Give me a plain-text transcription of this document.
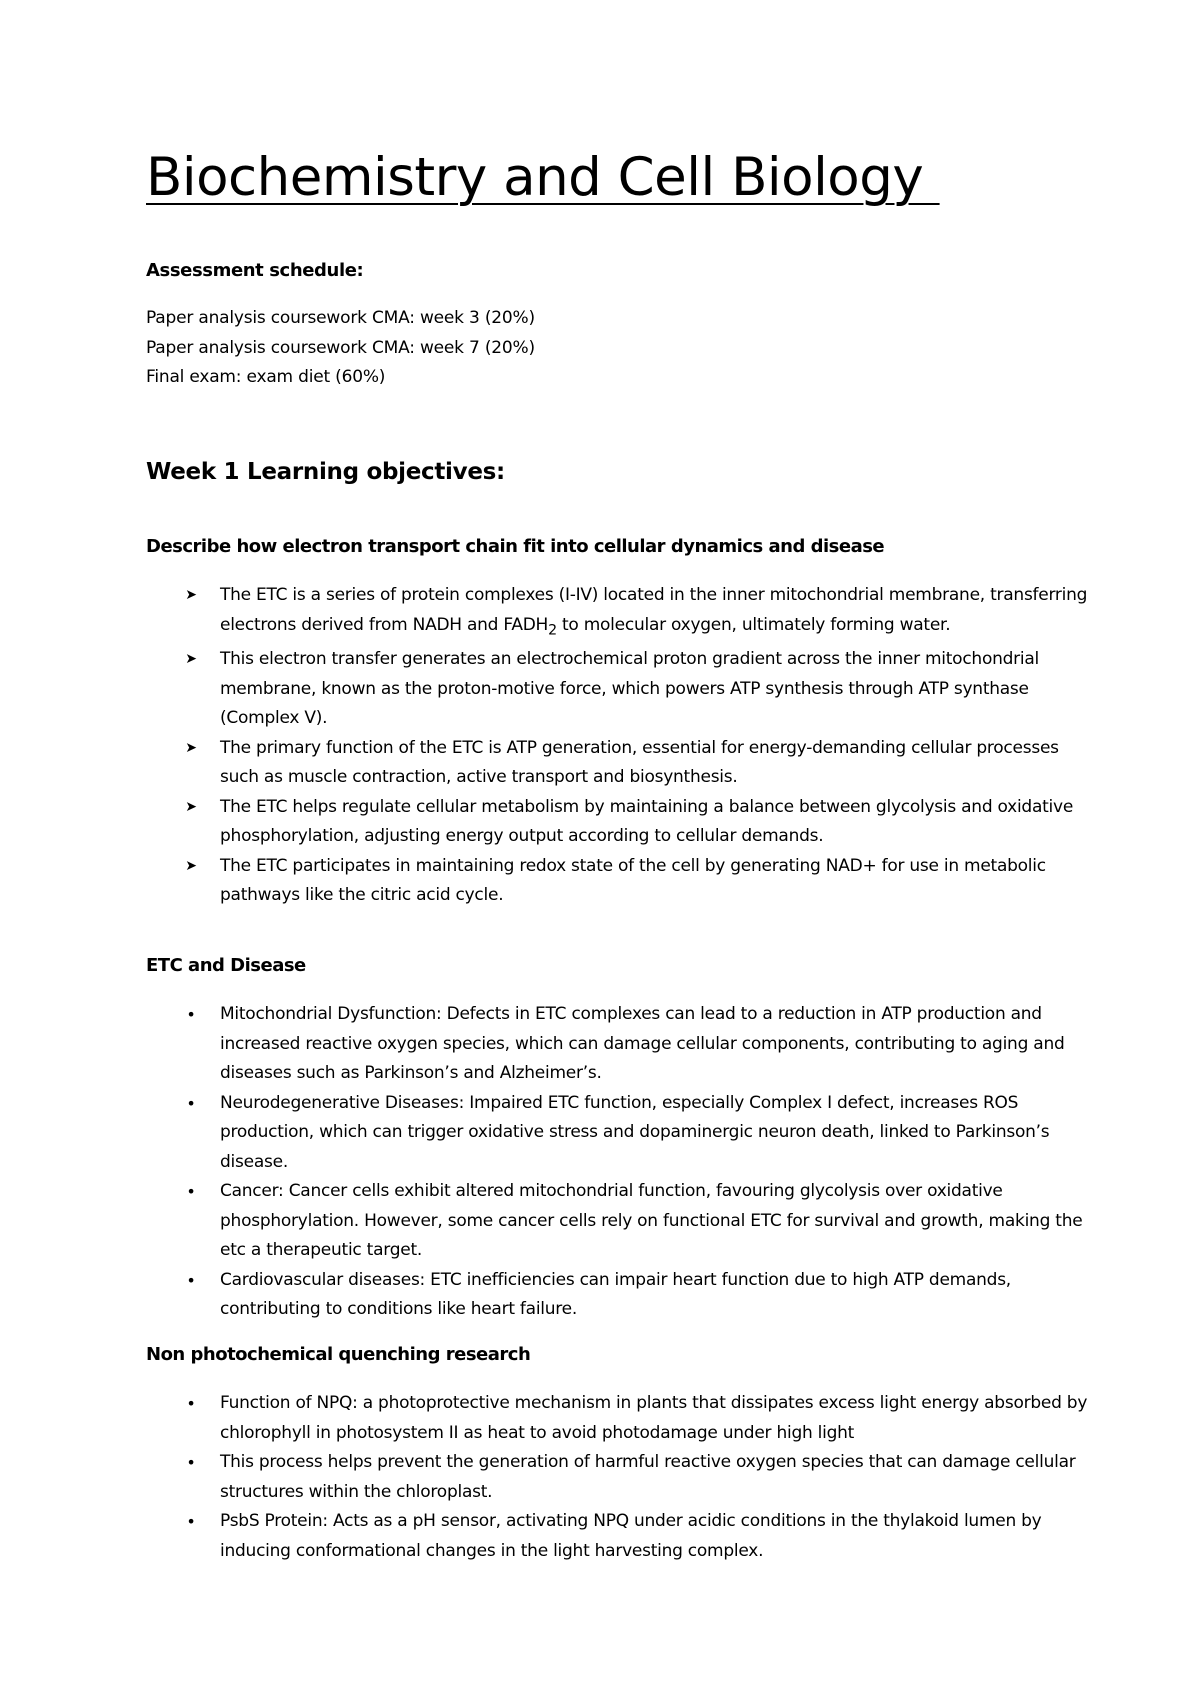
Biochemistry and Cell Biology
Assessment schedule:
Paper analysis coursework CMA: week 3 (20%)
Paper analysis coursework CMA: week 7 (20%)
Final exam: exam diet (60%)
Week 1 Learning objectives:
Describe how electron transport chain fit into cellular dynamics and disease
➤ The ETC is a series of protein complexes (I-IV) located in the inner mitochondrial membrane, transferring electrons derived from NADH and $FADH_2$ to molecular oxygen, ultimately forming water.
➤ This electron transfer generates an electrochemical proton gradient across the inner mitochondrial membrane, known as the proton-motive force, which powers ATP synthesis through ATP synthase (Complex V).
➤ The primary function of the ETC is ATP generation, essential for energy-demanding cellular processes such as muscle contraction, active transport and biosynthesis.
➤ The ETC helps regulate cellular metabolism by maintaining a balance between glycolysis and oxidative phosphorylation, adjusting energy output according to cellular demands.
➤ The ETC participates in maintaining redox state of the cell by generating NAD+ for use in metabolic pathways like the citric acid cycle.
ETC and Disease
• Mitochondrial Dysfunction: Defects in ETC complexes can lead to a reduction in ATP production and increased reactive oxygen species, which can damage cellular components, contributing to aging and diseases such as Parkinson’s and Alzheimer’s.
• Neurodegenerative Diseases: Impaired ETC function, especially Complex I defect, increases ROS production, which can trigger oxidative stress and dopaminergic neuron death, linked to Parkinson’s disease.
• Cancer: Cancer cells exhibit altered mitochondrial function, favouring glycolysis over oxidative phosphorylation. However, some cancer cells rely on functional ETC for survival and growth, making the etc a therapeutic target.
• Cardiovascular diseases: ETC inefficiencies can impair heart function due to high ATP demands, contributing to conditions like heart failure.
Non photochemical quenching research
• Function of NPQ: a photoprotective mechanism in plants that dissipates excess light energy absorbed by chlorophyll in photosystem II as heat to avoid photodamage under high light
• This process helps prevent the generation of harmful reactive oxygen species that can damage cellular structures within the chloroplast.
• PsbS Protein: Acts as a pH sensor, activating NPQ under acidic conditions in the thylakoid lumen by inducing conformational changes in the light harvesting complex.
